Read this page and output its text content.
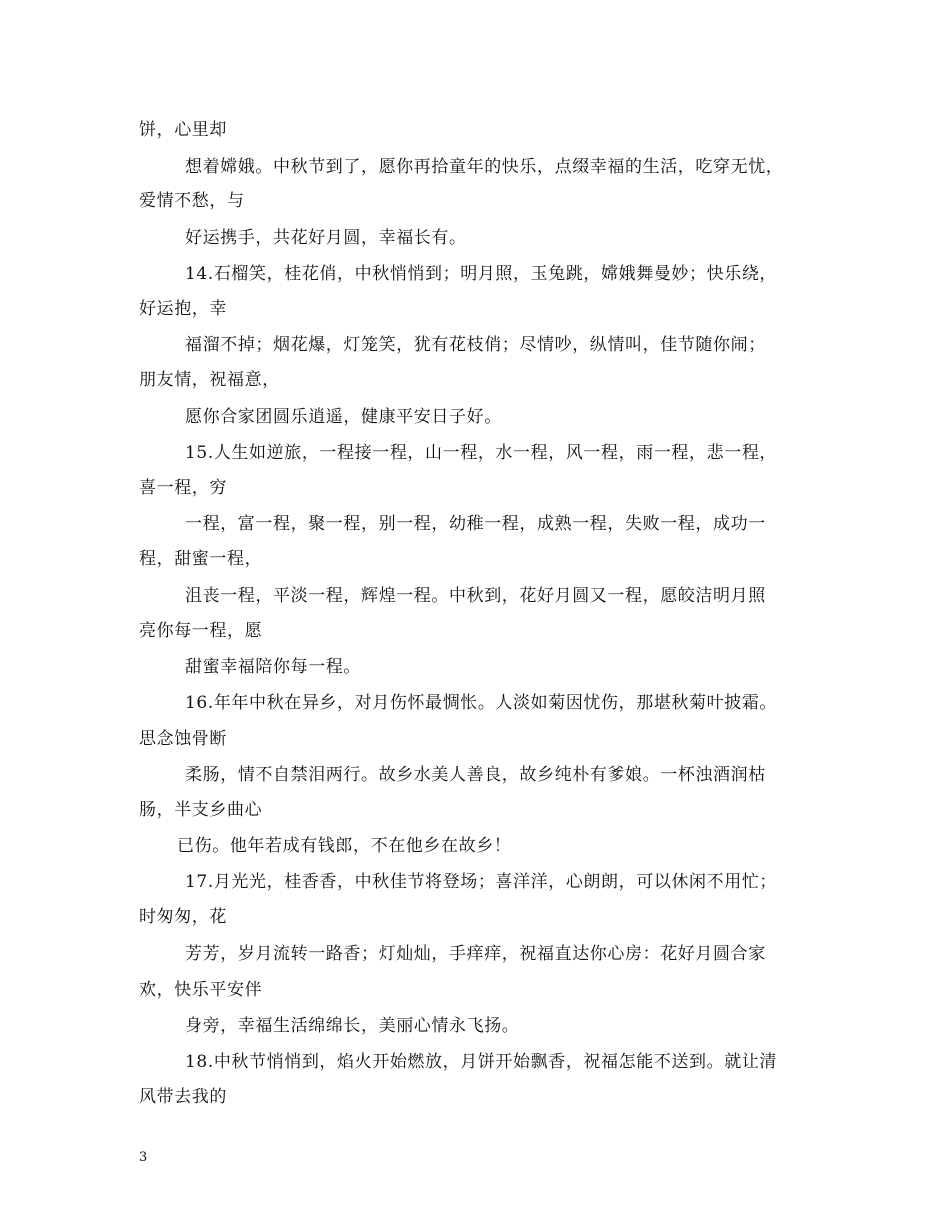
饼，心里却
想着嫦娥。中秋节到了，愿你再拾童年的快乐，点缀幸福的生活，吃穿无忧，
爱情不愁，与
好运携手，共花好月圆，幸福长有。
14.石榴笑，桂花俏，中秋悄悄到；明月照，玉兔跳，嫦娥舞曼妙；快乐绕，
好运抱，幸
福溜不掉；烟花爆，灯笼笑，犹有花枝俏；尽情吵，纵情叫，佳节随你闹；
朋友情，祝福意，
愿你合家团圆乐逍遥，健康平安日子好。
15.人生如逆旅，一程接一程，山一程，水一程，风一程，雨一程，悲一程，
喜一程，穷
一程，富一程，聚一程，别一程，幼稚一程，成熟一程，失败一程，成功一
程，甜蜜一程，
沮丧一程，平淡一程，辉煌一程。中秋到，花好月圆又一程，愿皎洁明月照
亮你每一程，愿
甜蜜幸福陪你每一程。
16.年年中秋在异乡，对月伤怀最惆怅。人淡如菊因忧伤，那堪秋菊叶披霜。
思念蚀骨断
柔肠，情不自禁泪两行。故乡水美人善良，故乡纯朴有爹娘。一杯浊酒润枯
肠，半支乡曲心
已伤。他年若成有钱郎，不在他乡在故乡！
17.月光光，桂香香，中秋佳节将登场；喜洋洋，心朗朗，可以休闲不用忙；
时匆匆，花
芳芳，岁月流转一路香；灯灿灿，手痒痒，祝福直达你心房：花好月圆合家
欢，快乐平安伴
身旁，幸福生活绵绵长，美丽心情永飞扬。
18.中秋节悄悄到，焰火开始燃放，月饼开始飘香，祝福怎能不送到。就让清
风带去我的
3
